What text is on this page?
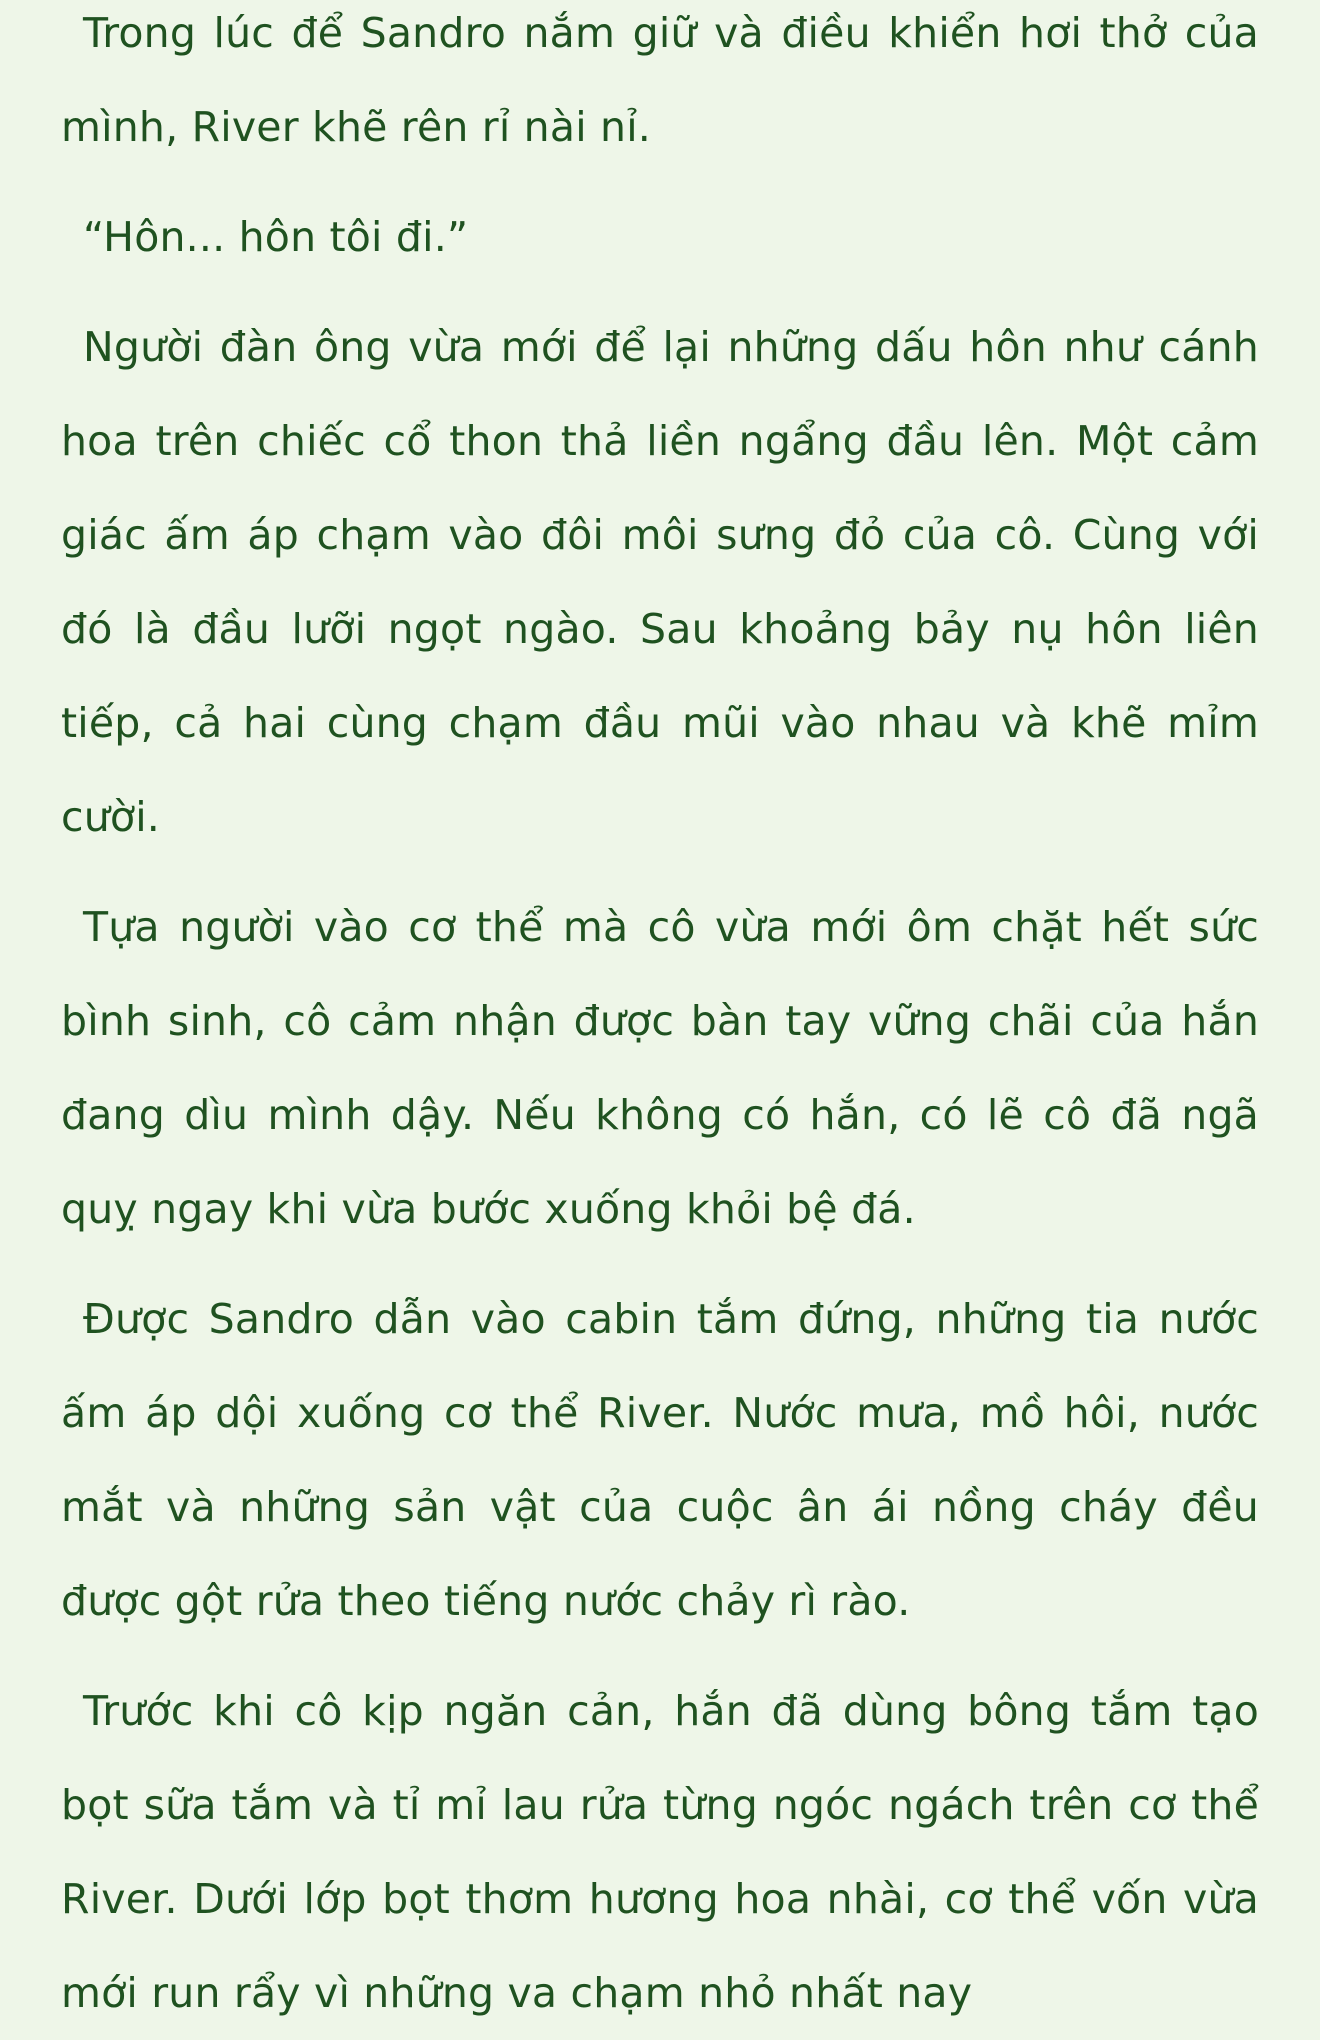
Trong lúc để Sandro nắm giữ và điều khiển hơi thở của mình, River khẽ rên rỉ nài nỉ.

“Hôn... hôn tôi đi.”

Người đàn ông vừa mới để lại những dấu hôn như cánh hoa trên chiếc cổ thon thả liền ngẩng đầu lên. Một cảm giác ấm áp chạm vào đôi môi sưng đỏ của cô. Cùng với đó là đầu lưỡi ngọt ngào. Sau khoảng bảy nụ hôn liên tiếp, cả hai cùng chạm đầu mũi vào nhau và khẽ mỉm cười.

Tựa người vào cơ thể mà cô vừa mới ôm chặt hết sức bình sinh, cô cảm nhận được bàn tay vững chãi của hắn đang dìu mình dậy. Nếu không có hắn, có lẽ cô đã ngã quỵ ngay khi vừa bước xuống khỏi bệ đá.

Được Sandro dẫn vào cabin tắm đứng, những tia nước ấm áp dội xuống cơ thể River. Nước mưa, mồ hôi, nước mắt và những sản vật của cuộc ân ái nồng cháy đều được gột rửa theo tiếng nước chảy rì rào.

Trước khi cô kịp ngăn cản, hắn đã dùng bông tắm tạo bọt sữa tắm và tỉ mỉ lau rửa từng ngóc ngách trên cơ thể River. Dưới lớp bọt thơm hương hoa nhài, cơ thể vốn vừa mới run rẩy vì những va chạm nhỏ nhất nay
